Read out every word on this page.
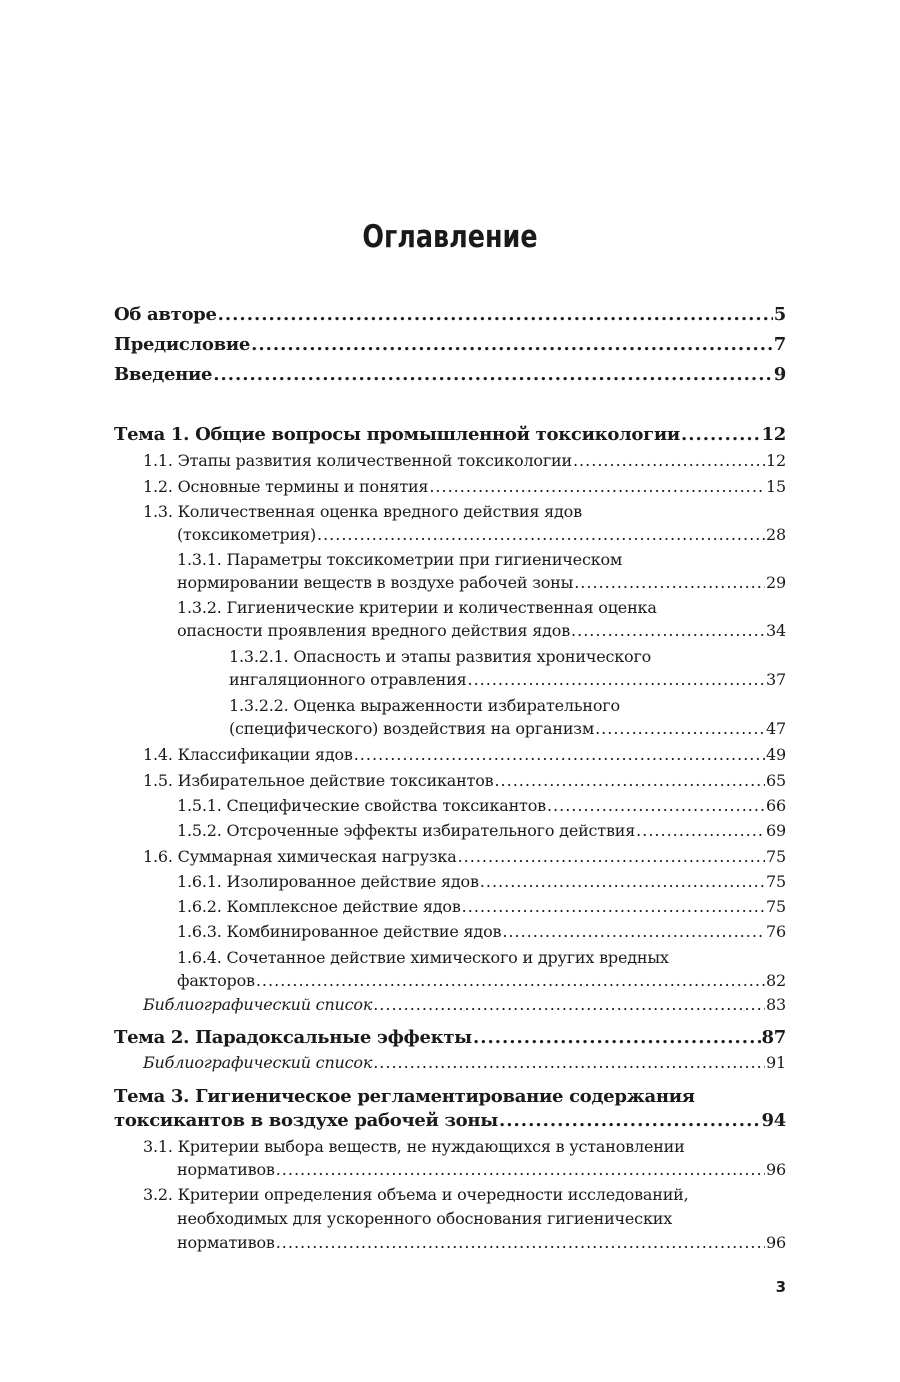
Оглавление
Об авторе .....	5
Предисловие .....	7
Введение .....	9
Тема 1. Общие вопросы промышленной токсикологии .....	12
1.1. Этапы развития количественной токсикологии .....	12
1.2. Основные термины и понятия .....	15
1.3. Количественная оценка вредного действия ядов
(токсикометрия) .....	28
1.3.1. Параметры токсикометрии при гигиеническом
нормировании веществ в воздухе рабочей зоны .....	29
1.3.2. Гигиенические критерии и количественная оценка
опасности проявления вредного действия ядов .....	34
1.3.2.1. Опасность и этапы развития хронического
ингаляционного отравления .....	37
1.3.2.2. Оценка выраженности избирательного
(специфического) воздействия на организм .....	47
1.4. Классификации ядов .....	49
1.5. Избирательное действие токсикантов .....	65
1.5.1. Специфические свойства токсикантов .....	66
1.5.2. Отсроченные эффекты избирательного действия .....	69
1.6. Суммарная химическая нагрузка .....	75
1.6.1. Изолированное действие ядов .....	75
1.6.2. Комплексное действие ядов .....	75
1.6.3. Комбинированное действие ядов .....	76
1.6.4. Сочетанное действие химического и других вредных
факторов .....	82
Библиографический список .....	83
Тема 2. Парадоксальные эффекты .....	87
Библиографический список .....	91
Тема 3. Гигиеническое регламентирование содержания
токсикантов в воздухе рабочей зоны .....	94
3.1. Критерии выбора веществ, не нуждающихся в установлении
нормативов .....	96
3.2. Критерии определения объема и очередности исследований,
необходимых для ускоренного обоснования гигиенических
нормативов .....	96
3
